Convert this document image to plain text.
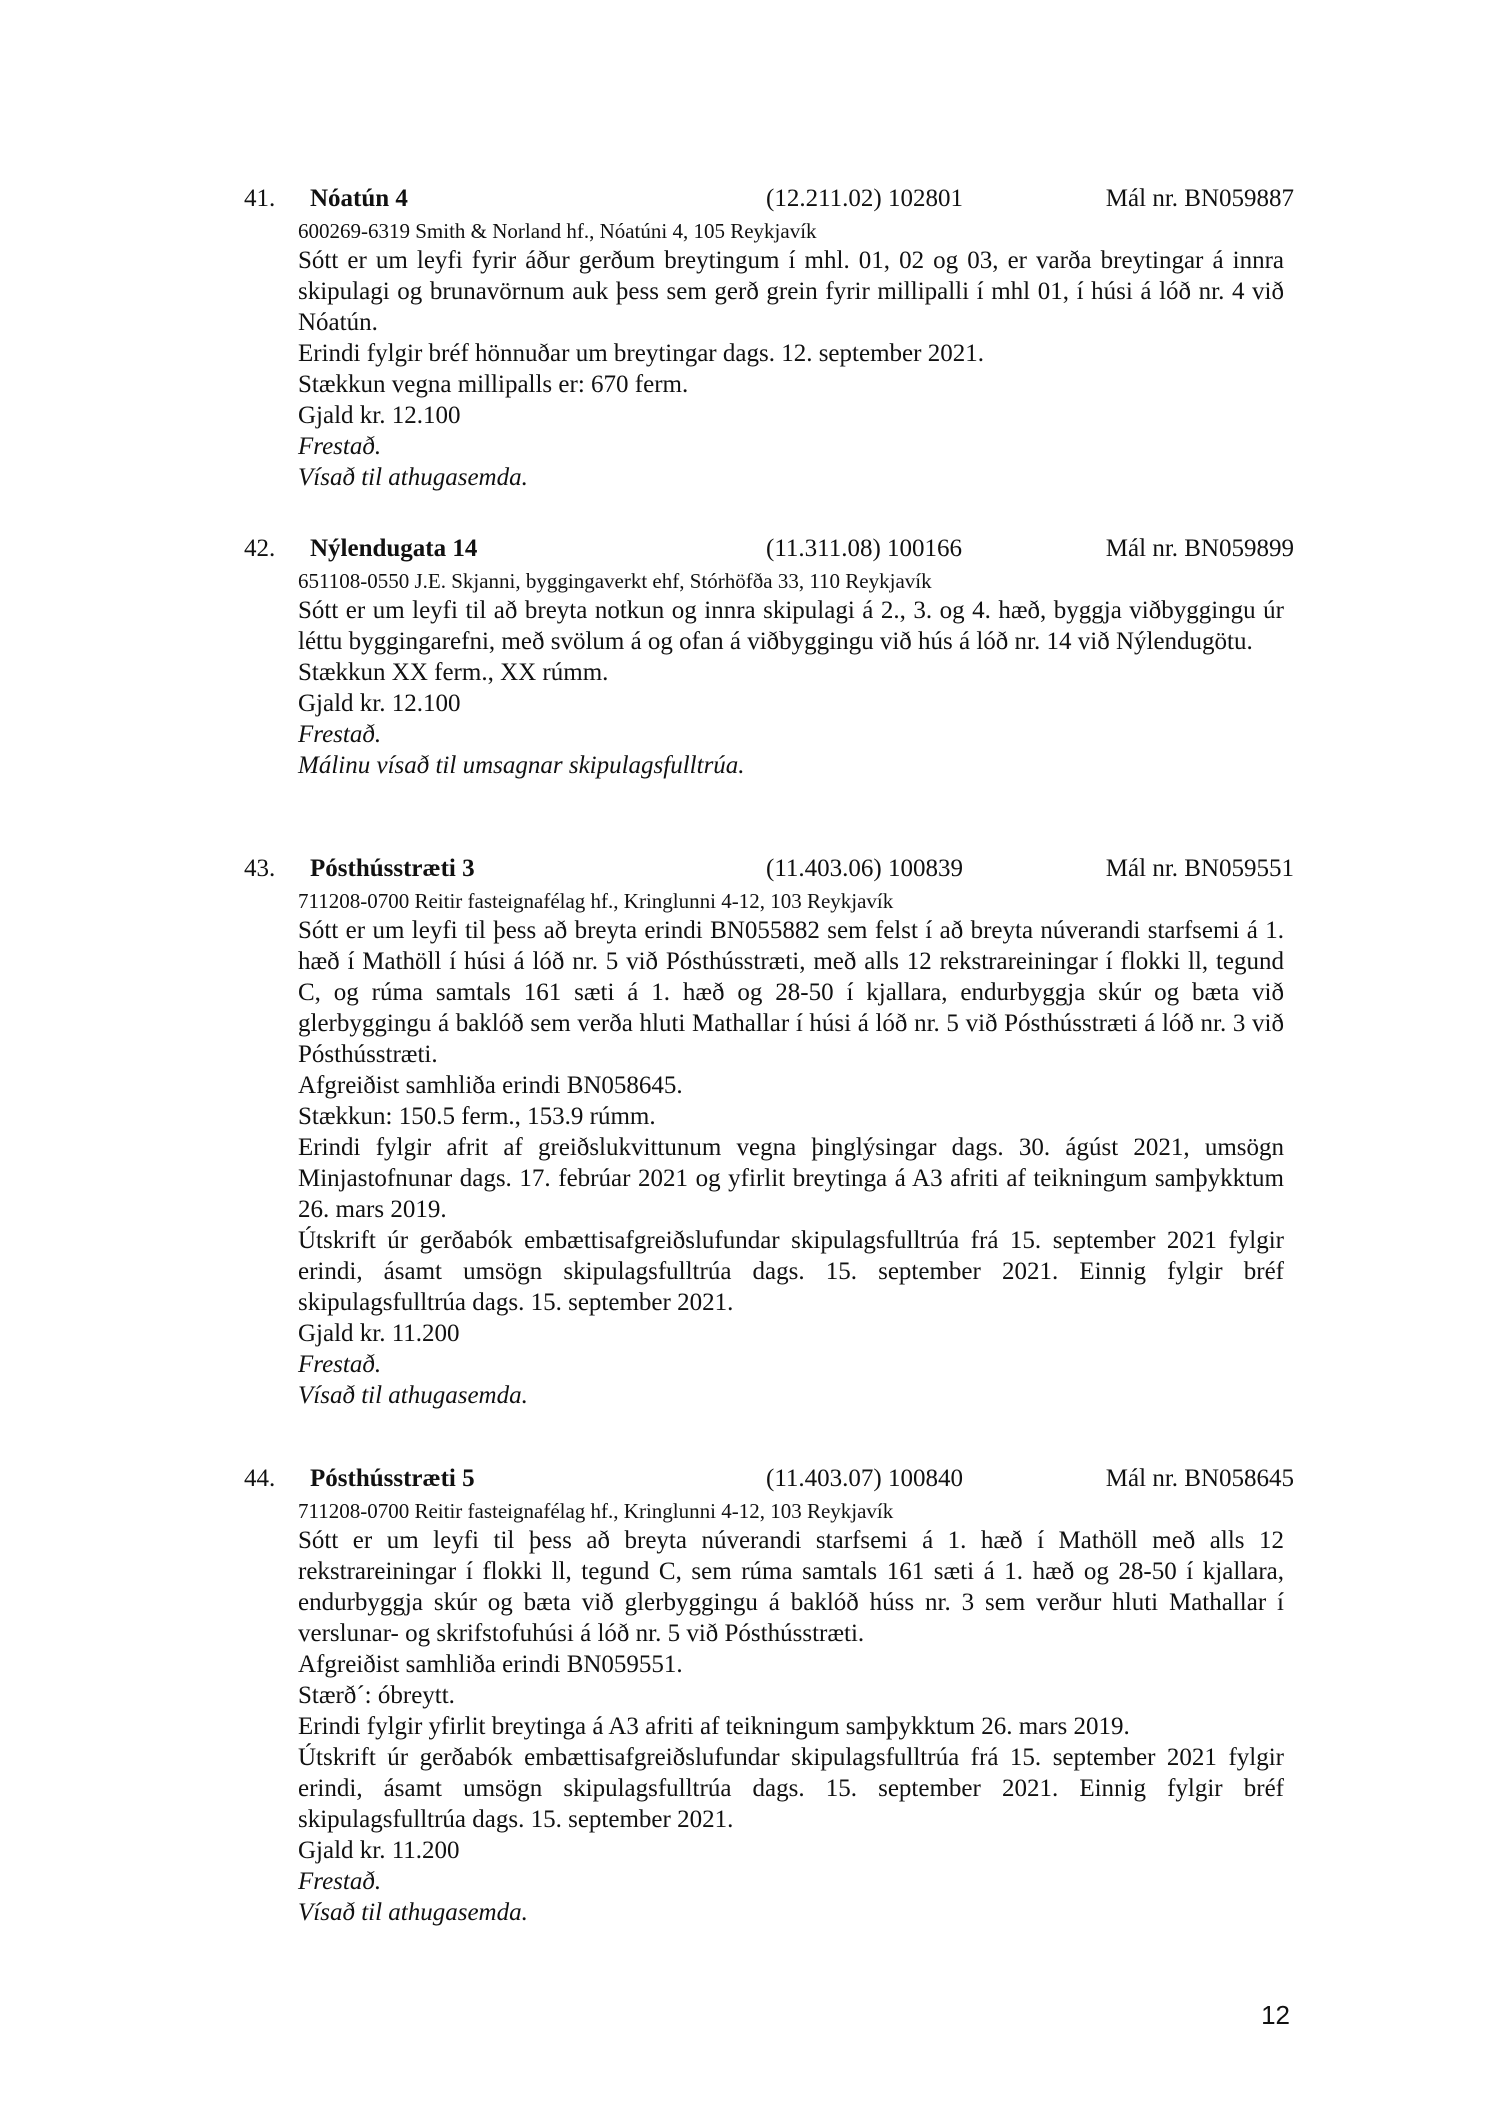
41. Nóatún 4	(12.211.02) 102801	Mál nr. BN059887
600269-6319 Smith & Norland hf., Nóatúni 4, 105 Reykjavík

Sótt er um leyfi fyrir áður gerðum breytingum í mhl. 01, 02 og 03, er varða breytingar á innra skipulagi og brunavörnum auk þess sem gerð grein fyrir millipalli í mhl 01, í húsi á lóð nr. 4 við Nóatún.

Erindi fylgir bréf hönnuðar um breytingar dags. 12. september 2021.

Stækkun vegna millipalls er: 670 ferm.

Gjald kr. 12.100

Frestað.

Vísað til athugasemda.

42. Nýlendugata 14	(11.311.08) 100166	Mál nr. BN059899
651108-0550 J.E. Skjanni, byggingaverkt ehf, Stórhöfða 33, 110 Reykjavík

Sótt er um leyfi til að breyta notkun og innra skipulagi á 2., 3. og 4. hæð, byggja viðbyggingu úr léttu byggingarefni, með svölum á og ofan á viðbyggingu við hús á lóð nr. 14 við Nýlendugötu.

Stækkun XX ferm., XX rúmm.

Gjald kr. 12.100

Frestað.

Málinu vísað til umsagnar skipulagsfulltrúa.

43. Pósthússtræti 3	(11.403.06) 100839	Mál nr. BN059551
711208-0700 Reitir fasteignafélag hf., Kringlunni 4-12, 103 Reykjavík

Sótt er um leyfi til þess að breyta erindi BN055882 sem felst í að breyta núverandi starfsemi á 1. hæð í Mathöll í húsi á lóð nr. 5 við Pósthússtræti, með alls 12 rekstrareiningar í flokki ll, tegund C, og rúma samtals 161 sæti á 1. hæð og 28-50 í kjallara, endurbyggja skúr og bæta við glerbyggingu á baklóð sem verða hluti Mathallar í húsi á lóð nr. 5 við Pósthússtræti á lóð nr. 3 við Pósthússtræti.

Afgreiðist samhliða erindi BN058645.

Stækkun: 150.5 ferm., 153.9 rúmm.

Erindi fylgir afrit af greiðslukvittunum vegna þinglýsingar dags. 30. ágúst 2021, umsögn Minjastofnunar dags. 17. febrúar 2021 og yfirlit breytinga á A3 afriti af teikningum samþykktum 26. mars 2019.

Útskrift úr gerðabók embættisafgreiðslufundar skipulagsfulltrúa frá 15. september 2021 fylgir erindi, ásamt umsögn skipulagsfulltrúa dags. 15. september 2021. Einnig fylgir bréf skipulagsfulltrúa dags. 15. september 2021.

Gjald kr. 11.200

Frestað.

Vísað til athugasemda.

44. Pósthússtræti 5	(11.403.07) 100840	Mál nr. BN058645
711208-0700 Reitir fasteignafélag hf., Kringlunni 4-12, 103 Reykjavík

Sótt er um leyfi til þess að breyta núverandi starfsemi á 1. hæð í Mathöll með alls 12 rekstrareiningar í flokki ll, tegund C, sem rúma samtals 161 sæti á 1. hæð og 28-50 í kjallara, endurbyggja skúr og bæta við glerbyggingu á baklóð húss nr. 3 sem verður hluti Mathallar í verslunar- og skrifstofuhúsi á lóð nr. 5 við Pósthússtræti.

Afgreiðist samhliða erindi BN059551.

Stærð´: óbreytt.

Erindi fylgir yfirlit breytinga á A3 afriti af teikningum samþykktum 26. mars 2019.

Útskrift úr gerðabók embættisafgreiðslufundar skipulagsfulltrúa frá 15. september 2021 fylgir erindi, ásamt umsögn skipulagsfulltrúa dags. 15. september 2021. Einnig fylgir bréf skipulagsfulltrúa dags. 15. september 2021.

Gjald kr. 11.200

Frestað.

Vísað til athugasemda.

12
